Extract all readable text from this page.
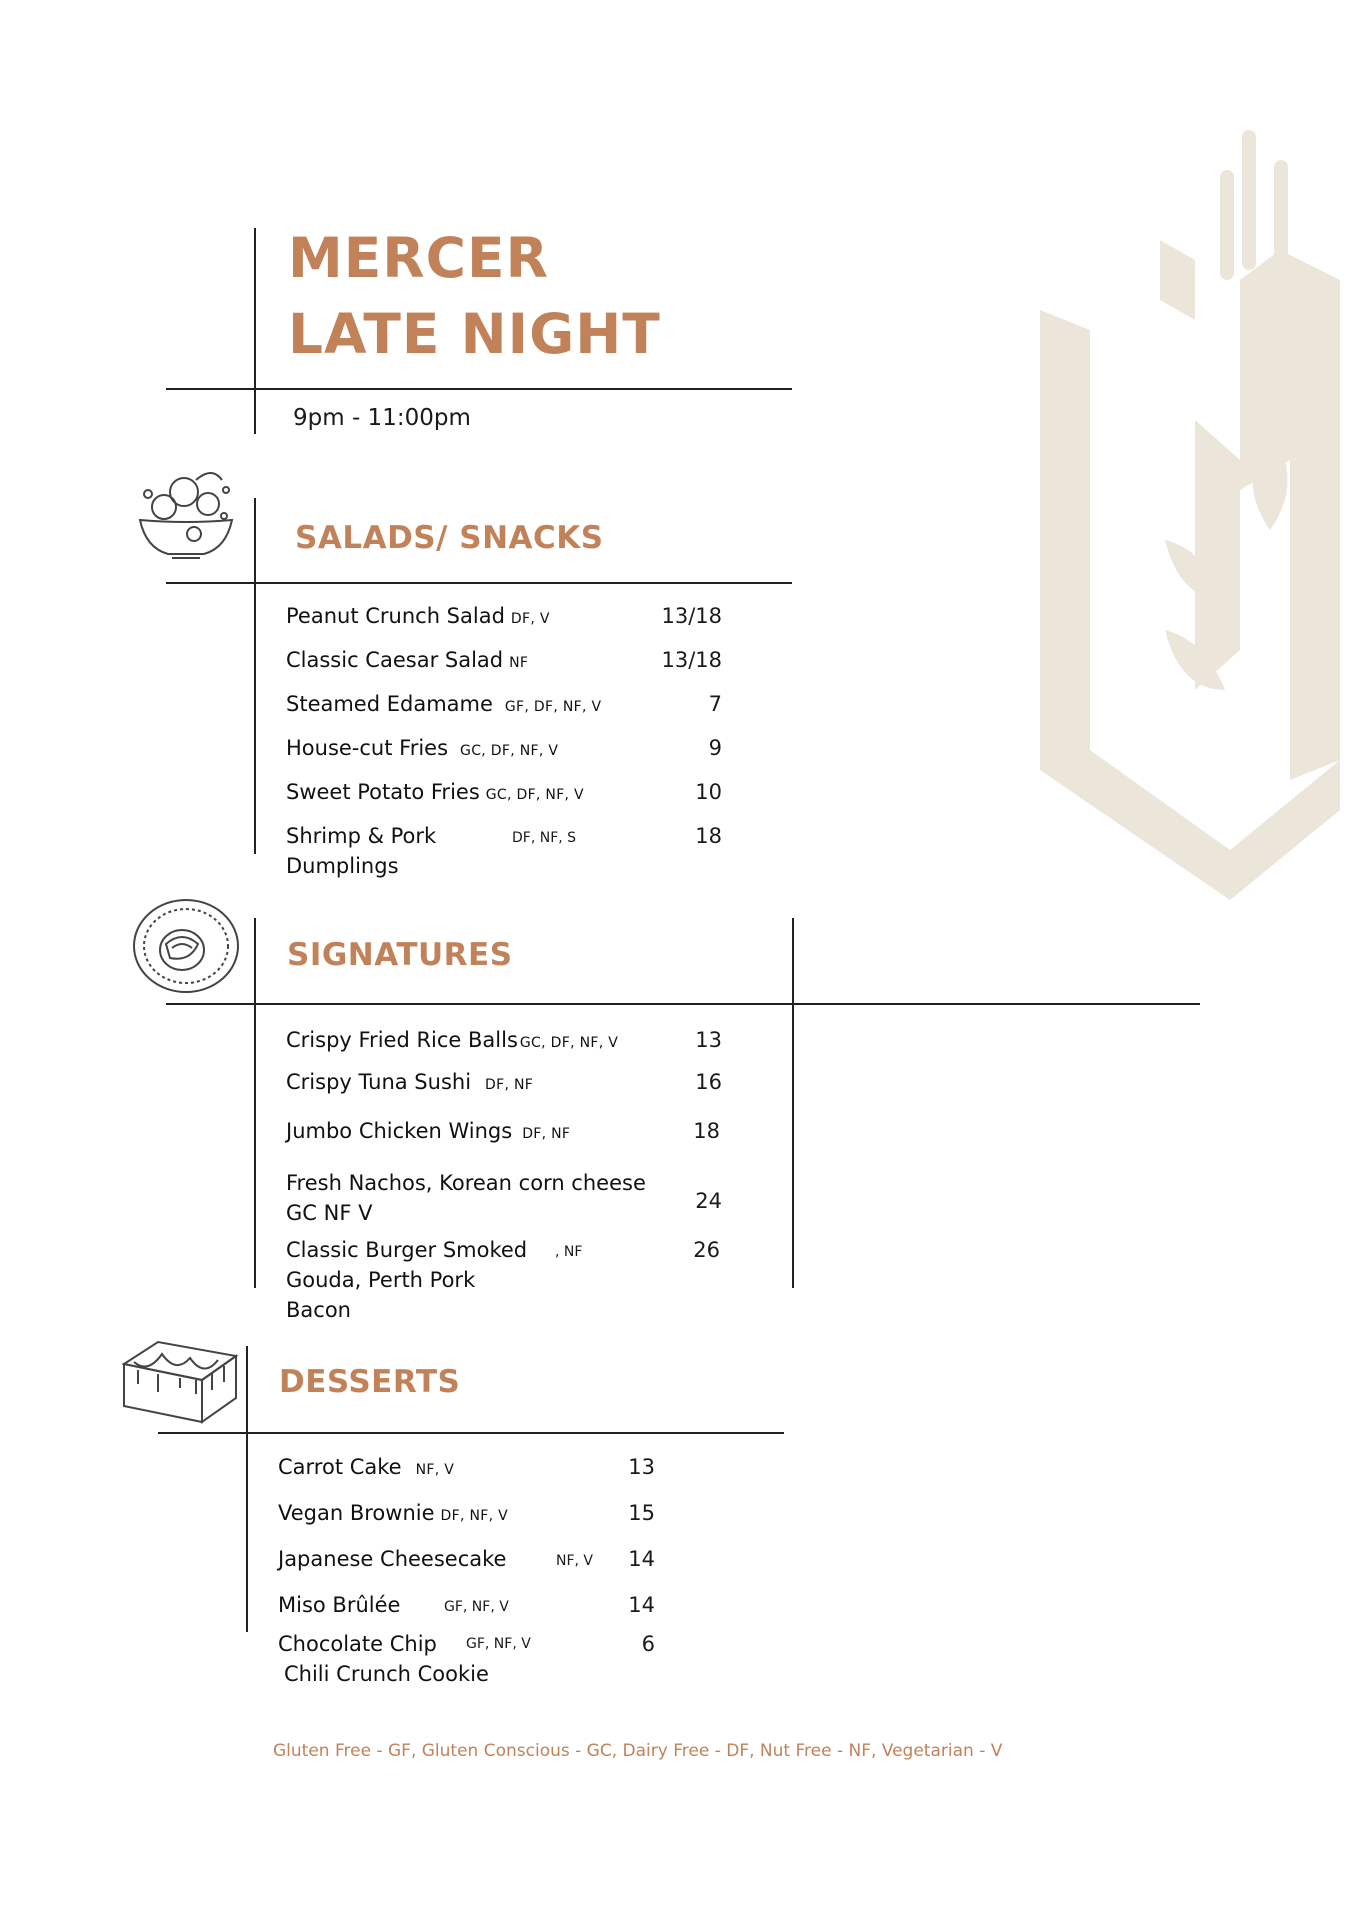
MERCER
LATE NIGHT
9pm - 11:00pm
SALADS/ SNACKS
Peanut Crunch Salad DF, V	13/18
Classic Caesar Salad NF	13/18
Steamed Edamame GF, DF, NF, V	7
House-cut Fries GC, DF, NF, V	9
Sweet Potato Fries GC, DF, NF, V	10
Shrimp & Pork	DF, NF, S	18
Dumplings
SIGNATURES
Crispy Fried Rice Balls GC, DF, NF, V	13
Crispy Tuna Sushi DF, NF	16
Jumbo Chicken Wings DF, NF	18
Fresh Nachos, Korean corn cheese
GC NF V	24
Classic Burger Smoked , NF	26
Gouda, Perth Pork
Bacon
DESSERTS
Carrot Cake NF, V	13
Vegan Brownie DF, NF, V	15
Japanese Cheesecake	NF, V	14
Miso Brûlée	GF, NF, V	14
Chocolate Chip GF, NF, V	6
Chili Crunch Cookie
Gluten Free - GF, Gluten Conscious - GC, Dairy Free - DF, Nut Free - NF, Vegetarian - V
